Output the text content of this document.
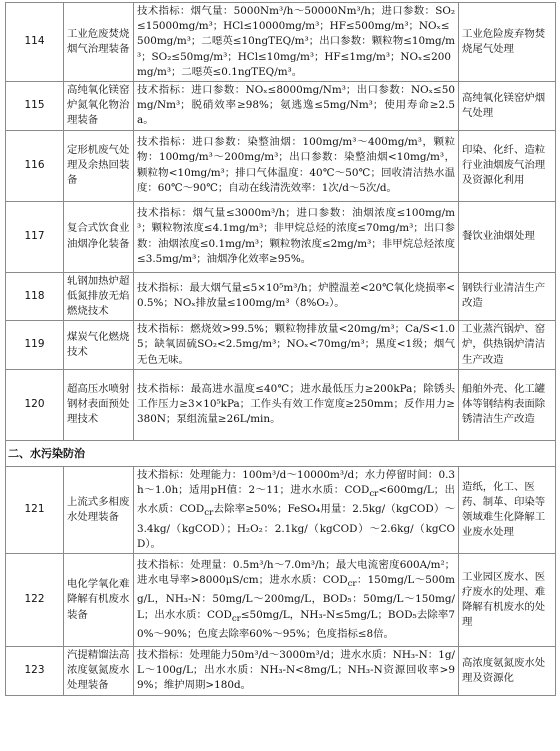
114	工业危废焚烧烟气治理装备	技术指标：烟气量：5000Nm³/h～50000Nm³/h；进口参数：SO₂≤15000mg/m³；HCl≤10000mg/m³；HF≤500mg/m³；NOₓ≤500mg/m³；二噁英≤10ngTEQ/m³；出口参数：颗粒物≤10mg/m³；SO₂≤50mg/m³；HCl≤10mg/m³；HF≤1mg/m³；NOₓ≤200mg/m³；二噁英≤0.1ngTEQ/m³。	工业危险废弃物焚烧尾气处理
115	高纯氧化镁窑炉氮氧化物治理装备	技术指标：进口参数：NOₓ≤8000mg/Nm³；出口参数：NOₓ≤50mg/Nm³；脱硝效率≥98%；氨逃逸≤5mg/Nm³；使用寿命≥2.5a。	高纯氧化镁窑炉烟气处理
116	定形机废气处理及余热回装备	技术指标：进口参数：染整油烟：100mg/m³～400mg/m³，颗粒物：100mg/m³～200mg/m³；出口参数：染整油烟<10mg/m³，颗粒物<10mg/m³；排口气体温度：40℃～50℃；回收清洁热水温度：60℃～90℃；自动在线清洗效率：1次/d～5次/d。	印染、化纤、造粒行业油烟废气治理及资源化利用
117	复合式饮食业油烟净化装备	技术指标：烟气量≤3000m³/h；进口参数：油烟浓度≤100mg/m³；颗粒物浓度≤4.1mg/m³；非甲烷总烃的浓度≤70mg/m³；出口参数：油烟浓度≤0.1mg/m³；颗粒物浓度≤2mg/m³；非甲烷总烃浓度≤3.5mg/m³；油烟净化效率≥95%。	餐饮业油烟处理
118	轧钢加热炉超低氮排放无焰燃烧技术	技术指标：最大烟气量≤5×10⁵m³/h；炉膛温差<20℃氧化烧损率<0.5%；NOₓ排放量≤100mg/m³（8%O₂）。	钢铁行业清洁生产改造
119	煤炭气化燃烧技术	技术指标：燃烧效>99.5%；颗粒物排放量<20mg/m³；Ca/S<1.05；缺氧固硫SO₂<2.5mg/m³；NOₓ<70mg/m³；黑度<1级；烟气无色无味。	工业蒸汽锅炉、窑炉，供热锅炉清洁生产改造
120	超高压水喷射钢材表面预处理技术	技术指标：最高进水温度≤40℃；进水最低压力≥200kPa；除锈头工作压力≥3×10⁵kPa；工作头有效工作宽度≥250mm；反作用力≥380N；泵组流量≥26L/min。	船舶外壳、化工罐体等钢结构表面除锈清洁生产改造
二、水污染防治			
121	上流式多相废水处理装备	技术指标：处理能力：100m³/d～10000m³/d；水力停留时间：0.3h～1.0h；适用pH值：2～11；进水水质：$COD_{cr}<600mg/L$；出水水质：$COD_{cr}$去除率≥50%；FeSO₄用量：2.5kg/（kgCOD）～3.4kg/（kgCOD）；H₂O₂：2.1kg/（kgCOD）～2.6kg/（kgCOD）。	造纸，化工、医药、制革、印染等领域难生化降解工业废水处理
122	电化学氧化难降解有机废水装备	技术指标：处理量：0.5m³/h～7.0m³/h；最大电流密度600A/m²；进水电导率>8000μS/cm；进水水质：$COD_{cr}$：150mg/L～500mg/L，NH₃-N：50mg/L～200mg/L，BOD₅：50mg/L～150mg/L；出水水质：$COD_{cr}\le 50mg/L$，NH₃-N≤5mg/L；BOD₅去除率70%～90%；色度去除率60%～95%；色度指标≤8倍。	工业园区废水、医疗废水的处理、难降解有机废水的处理
123	汽提精馏法高浓度氨氮废水处理装备	技术指标：处理能力50m³/d～3000m³/d；进水水质：NH₃-N：1g/L～100g/L；出水水质：NH₃-N<8mg/L；NH₃-N资源回收率>99%；维护周期>180d。	高浓度氨氮废水处理及资源化
